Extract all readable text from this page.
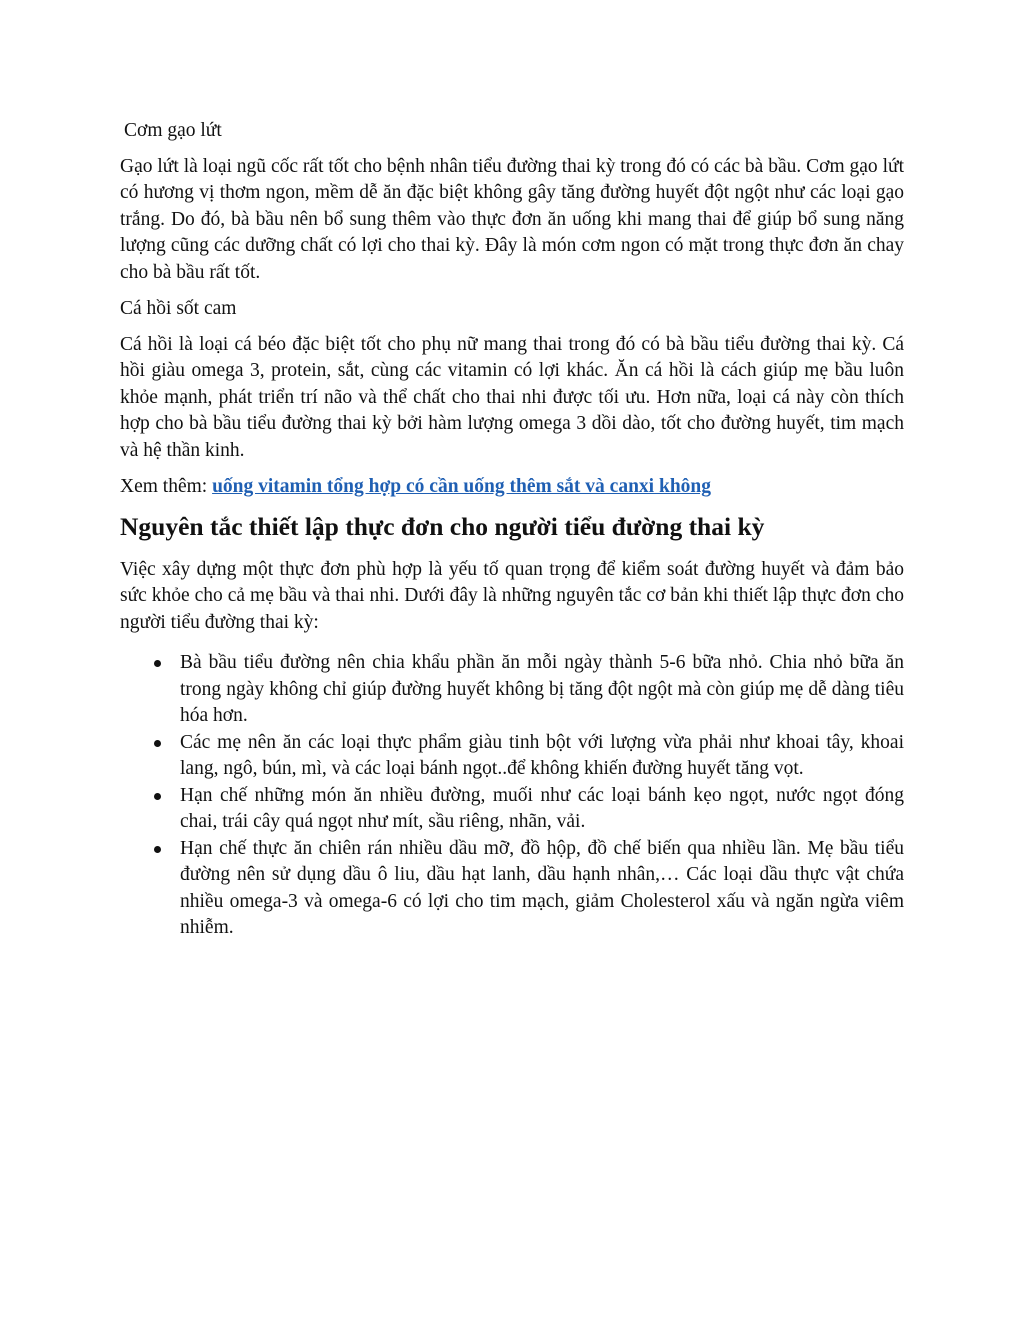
Cơm gạo lứt

Gạo lứt là loại ngũ cốc rất tốt cho bệnh nhân tiểu đường thai kỳ trong đó có các bà bầu. Cơm gạo lứt có hương vị thơm ngon, mềm dễ ăn đặc biệt không gây tăng đường huyết đột ngột như các loại gạo trắng. Do đó, bà bầu nên bổ sung thêm vào thực đơn ăn uống khi mang thai để giúp bổ sung năng lượng cũng các dưỡng chất có lợi cho thai kỳ. Đây là món cơm ngon có mặt trong thực đơn ăn chay cho bà bầu rất tốt.

Cá hồi sốt cam

Cá hồi là loại cá béo đặc biệt tốt cho phụ nữ mang thai trong đó có bà bầu tiểu đường thai kỳ. Cá hồi giàu omega 3, protein, sắt, cùng các vitamin có lợi khác. Ăn cá hồi là cách giúp mẹ bầu luôn khỏe mạnh, phát triển trí não và thể chất cho thai nhi được tối ưu. Hơn nữa, loại cá này còn thích hợp cho bà bầu tiểu đường thai kỳ bởi hàm lượng omega 3 dồi dào, tốt cho đường huyết, tim mạch và hệ thần kinh.

Xem thêm: uống vitamin tổng hợp có cần uống thêm sắt và canxi không

Nguyên tắc thiết lập thực đơn cho người tiểu đường thai kỳ

Việc xây dựng một thực đơn phù hợp là yếu tố quan trọng để kiểm soát đường huyết và đảm bảo sức khỏe cho cả mẹ bầu và thai nhi. Dưới đây là những nguyên tắc cơ bản khi thiết lập thực đơn cho người tiểu đường thai kỳ:

Bà bầu tiểu đường nên chia khẩu phần ăn mỗi ngày thành 5-6 bữa nhỏ. Chia nhỏ bữa ăn trong ngày không chỉ giúp đường huyết không bị tăng đột ngột mà còn giúp mẹ dễ dàng tiêu hóa hơn.
Các mẹ nên ăn các loại thực phẩm giàu tinh bột với lượng vừa phải như khoai tây, khoai lang, ngô, bún, mì, và các loại bánh ngọt..để không khiến đường huyết tăng vọt.
Hạn chế những món ăn nhiều đường, muối như các loại bánh kẹo ngọt, nước ngọt đóng chai, trái cây quá ngọt như mít, sầu riêng, nhãn, vải.
Hạn chế thực ăn chiên rán nhiều dầu mỡ, đồ hộp, đồ chế biến qua nhiều lần. Mẹ bầu tiểu đường nên sử dụng dầu ô liu, dầu hạt lanh, dầu hạnh nhân,… Các loại dầu thực vật chứa nhiều omega-3 và omega-6 có lợi cho tim mạch, giảm Cholesterol xấu và ngăn ngừa viêm nhiễm.
